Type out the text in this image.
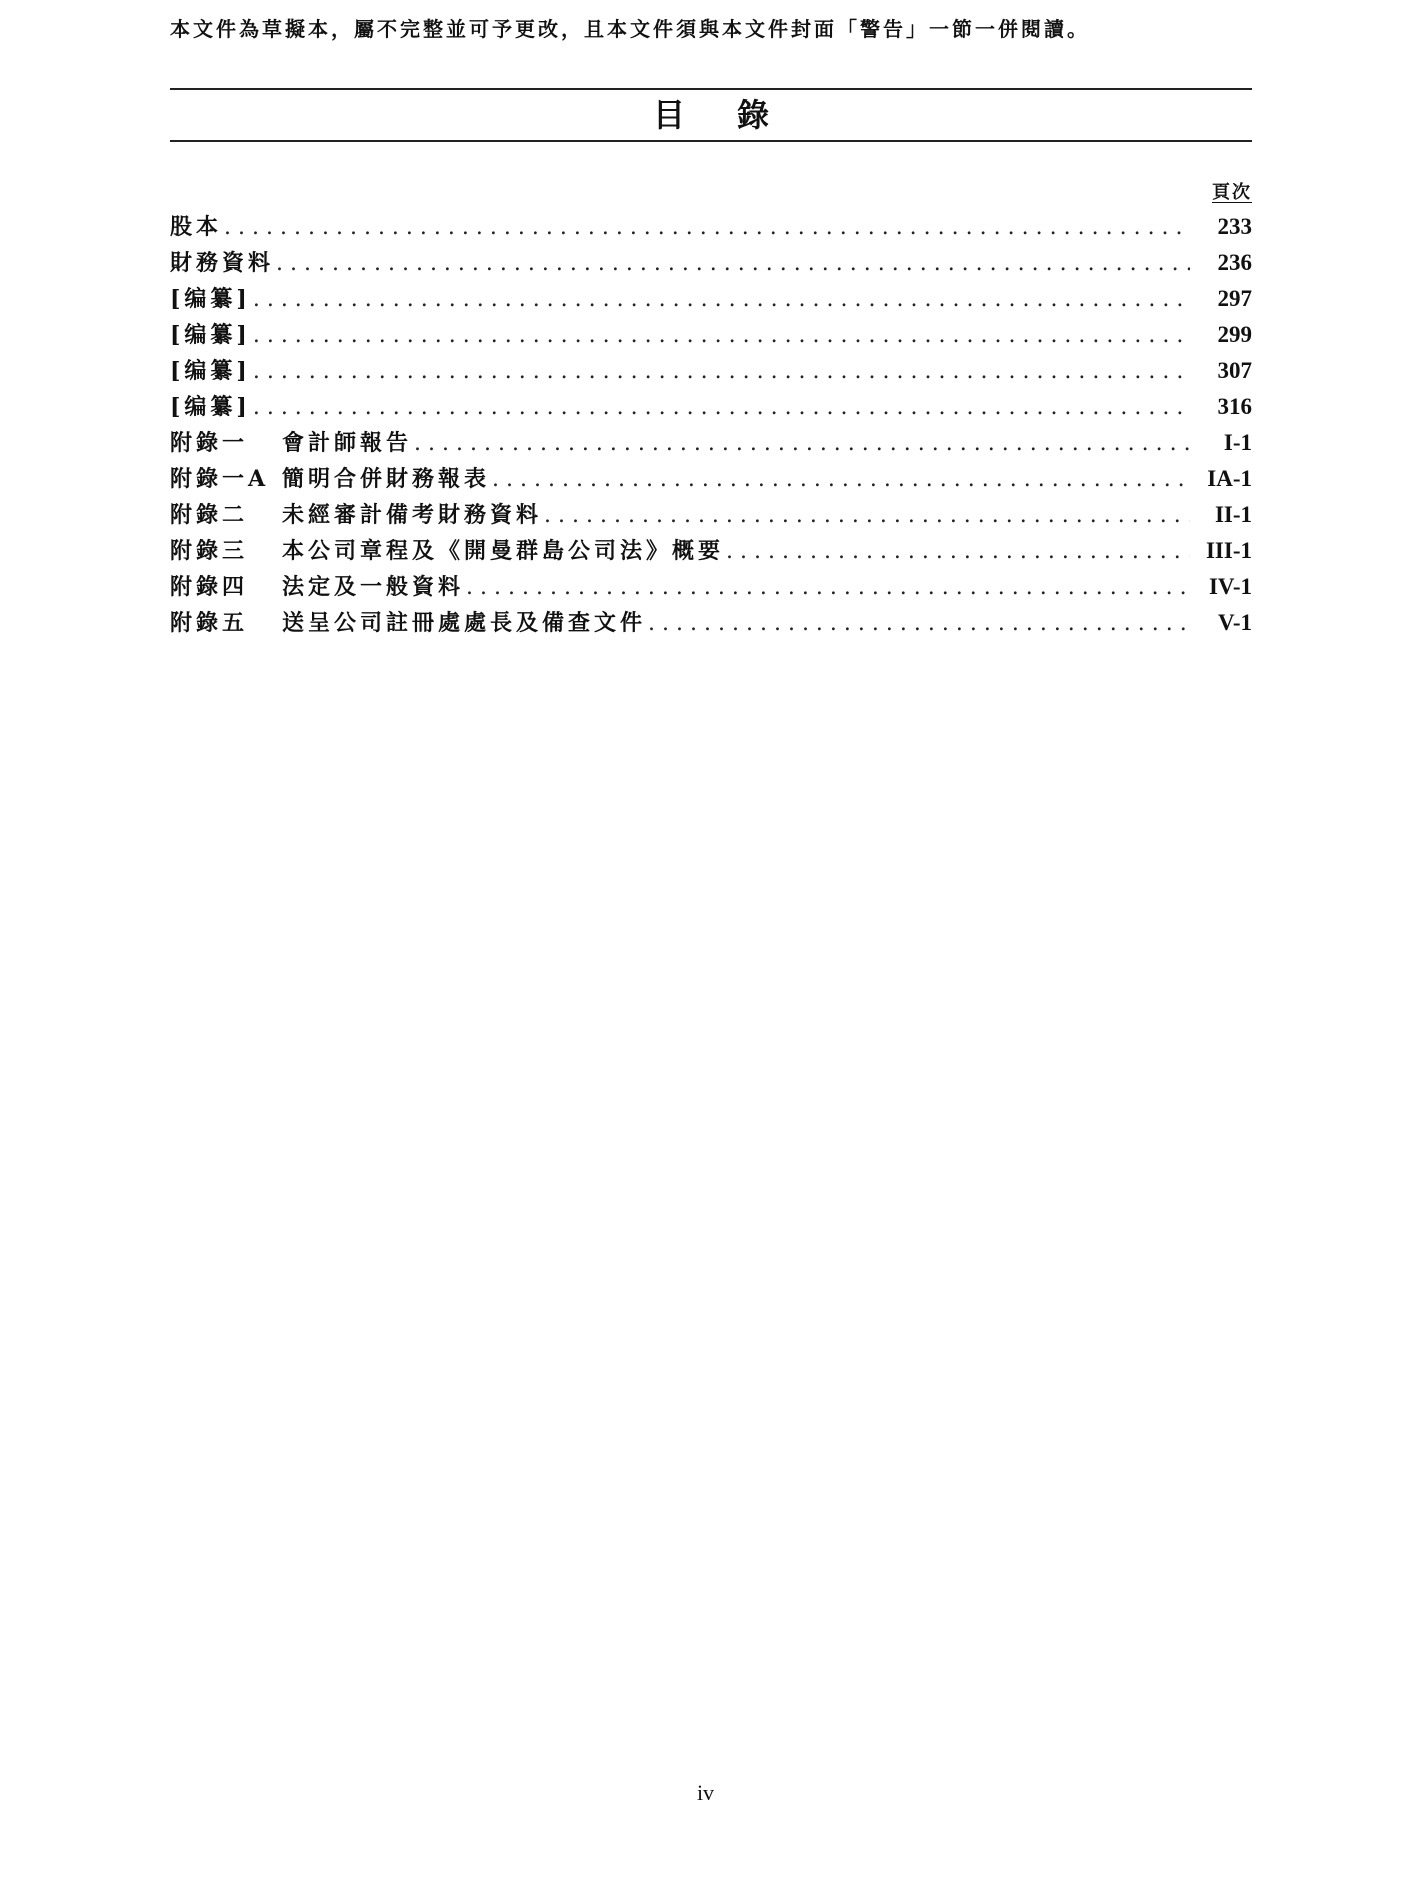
本文件為草擬本，屬不完整並可予更改，且本文件須與本文件封面「警告」一節一併閱讀。
目錄
頁次
股本 .....	233
財務資料 .....	236
[编纂] .....	297
[编纂] .....	299
[编纂] .....	307
[编纂] .....	316
附錄一 會計師報告 .....	I-1
附錄一A 簡明合併財務報表 .....	IA-1
附錄二 未經審計備考財務資料 .....	II-1
附錄三 本公司章程及《開曼群島公司法》概要 .....	III-1
附錄四 法定及一般資料 .....	IV-1
附錄五 送呈公司註冊處處長及備查文件 .....	V-1
iv
